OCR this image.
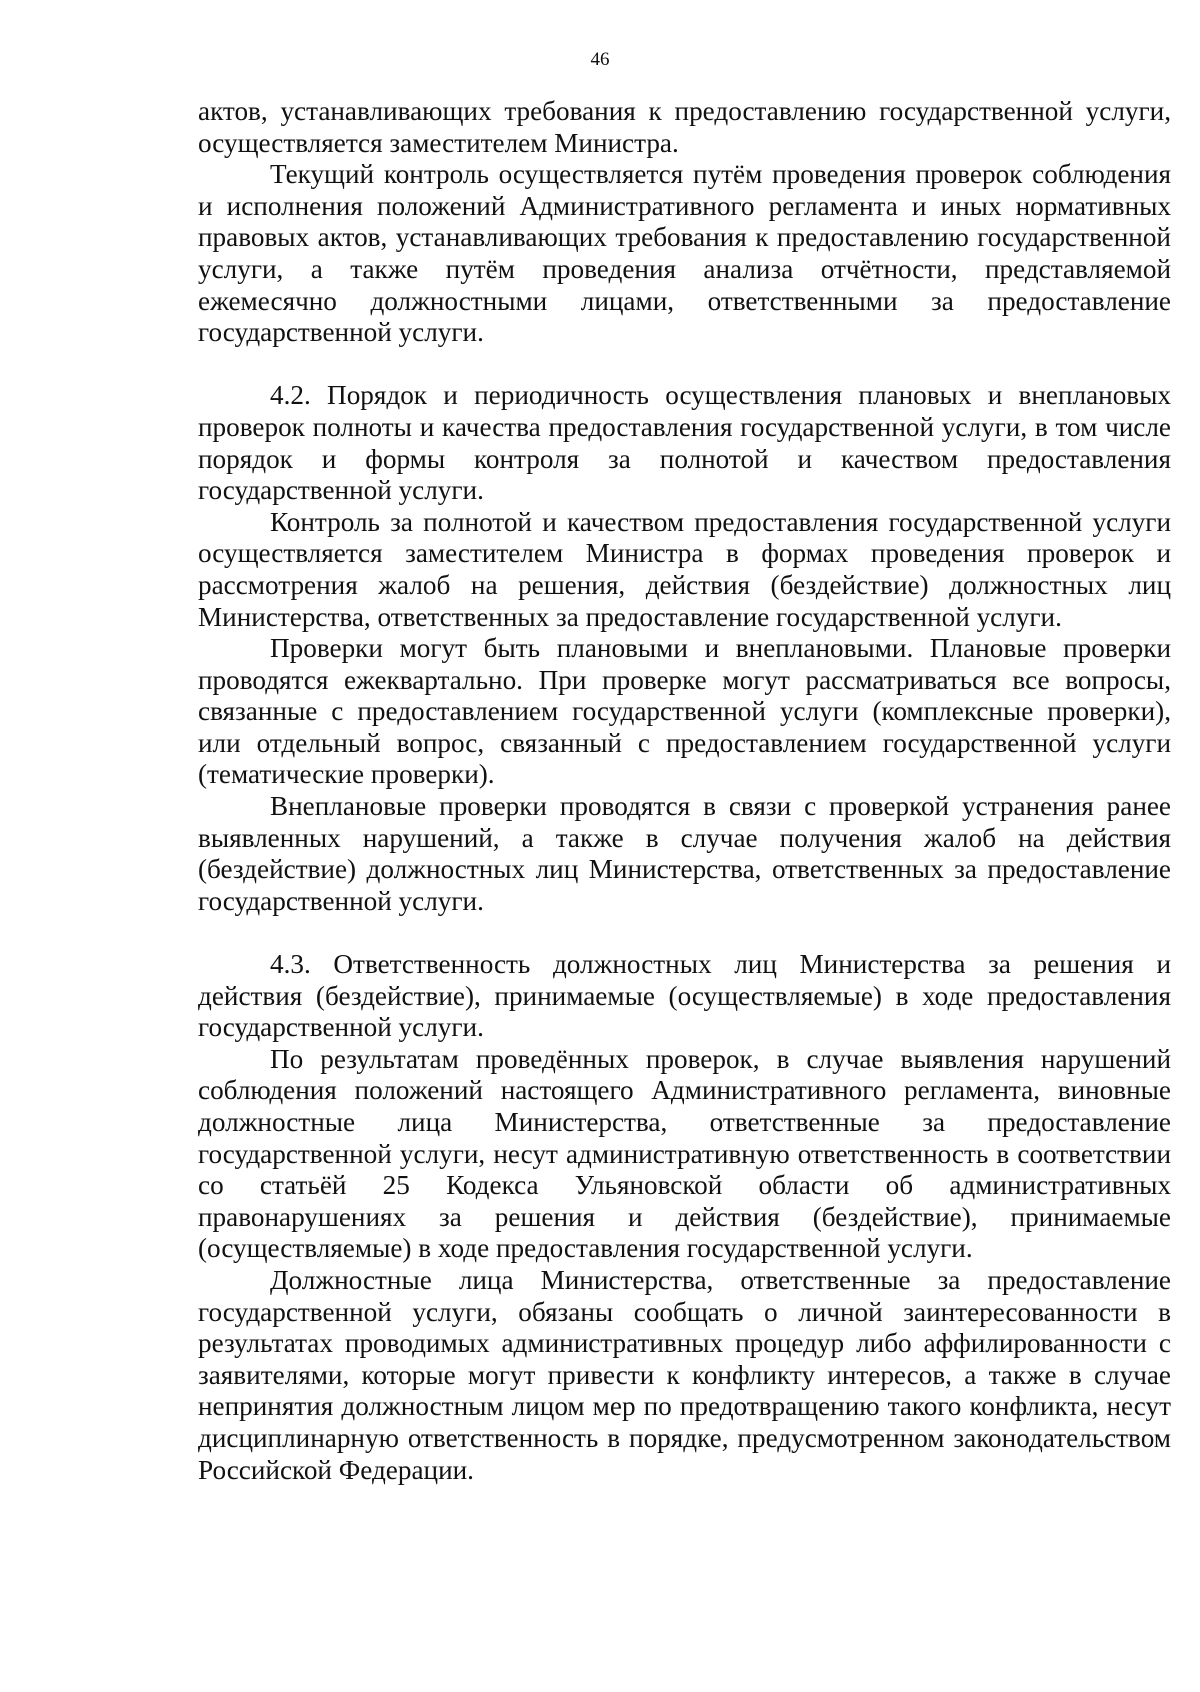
46

актов, устанавливающих требования к предоставлению государственной услуги, осуществляется заместителем Министра.

Текущий контроль осуществляется путём проведения проверок соблюдения и исполнения положений Административного регламента и иных нормативных правовых актов, устанавливающих требования к предоставлению государственной услуги, а также путём проведения анализа отчётности, представляемой ежемесячно должностными лицами, ответственными за предоставление государственной услуги.

4.2. Порядок и периодичность осуществления плановых и внеплановых проверок полноты и качества предоставления государственной услуги, в том числе порядок и формы контроля за полнотой и качеством предоставления государственной услуги.

Контроль за полнотой и качеством предоставления государственной услуги осуществляется заместителем Министра в формах проведения проверок и рассмотрения жалоб на решения, действия (бездействие) должностных лиц Министерства, ответственных за предоставление государственной услуги.

Проверки могут быть плановыми и внеплановыми. Плановые проверки проводятся ежеквартально. При проверке могут рассматриваться все вопросы, связанные с предоставлением государственной услуги (комплексные проверки), или отдельный вопрос, связанный с предоставлением государственной услуги (тематические проверки).

Внеплановые проверки проводятся в связи с проверкой устранения ранее выявленных нарушений, а также в случае получения жалоб на действия (бездействие) должностных лиц Министерства, ответственных за предоставление государственной услуги.

4.3. Ответственность должностных лиц Министерства за решения и действия (бездействие), принимаемые (осуществляемые) в ходе предоставления государственной услуги.

По результатам проведённых проверок, в случае выявления нарушений соблюдения положений настоящего Административного регламента, виновные должностные лица Министерства, ответственные за предоставление государственной услуги, несут административную ответственность в соответствии со статьёй 25 Кодекса Ульяновской области об административных правонарушениях за решения и действия (бездействие), принимаемые (осуществляемые) в ходе предоставления государственной услуги.

Должностные лица Министерства, ответственные за предоставление государственной услуги, обязаны сообщать о личной заинтересованности в результатах проводимых административных процедур либо аффилированности с заявителями, которые могут привести к конфликту интересов, а также в случае непринятия должностным лицом мер по предотвращению такого конфликта, несут дисциплинарную ответственность в порядке, предусмотренном законодательством Российской Федерации.
